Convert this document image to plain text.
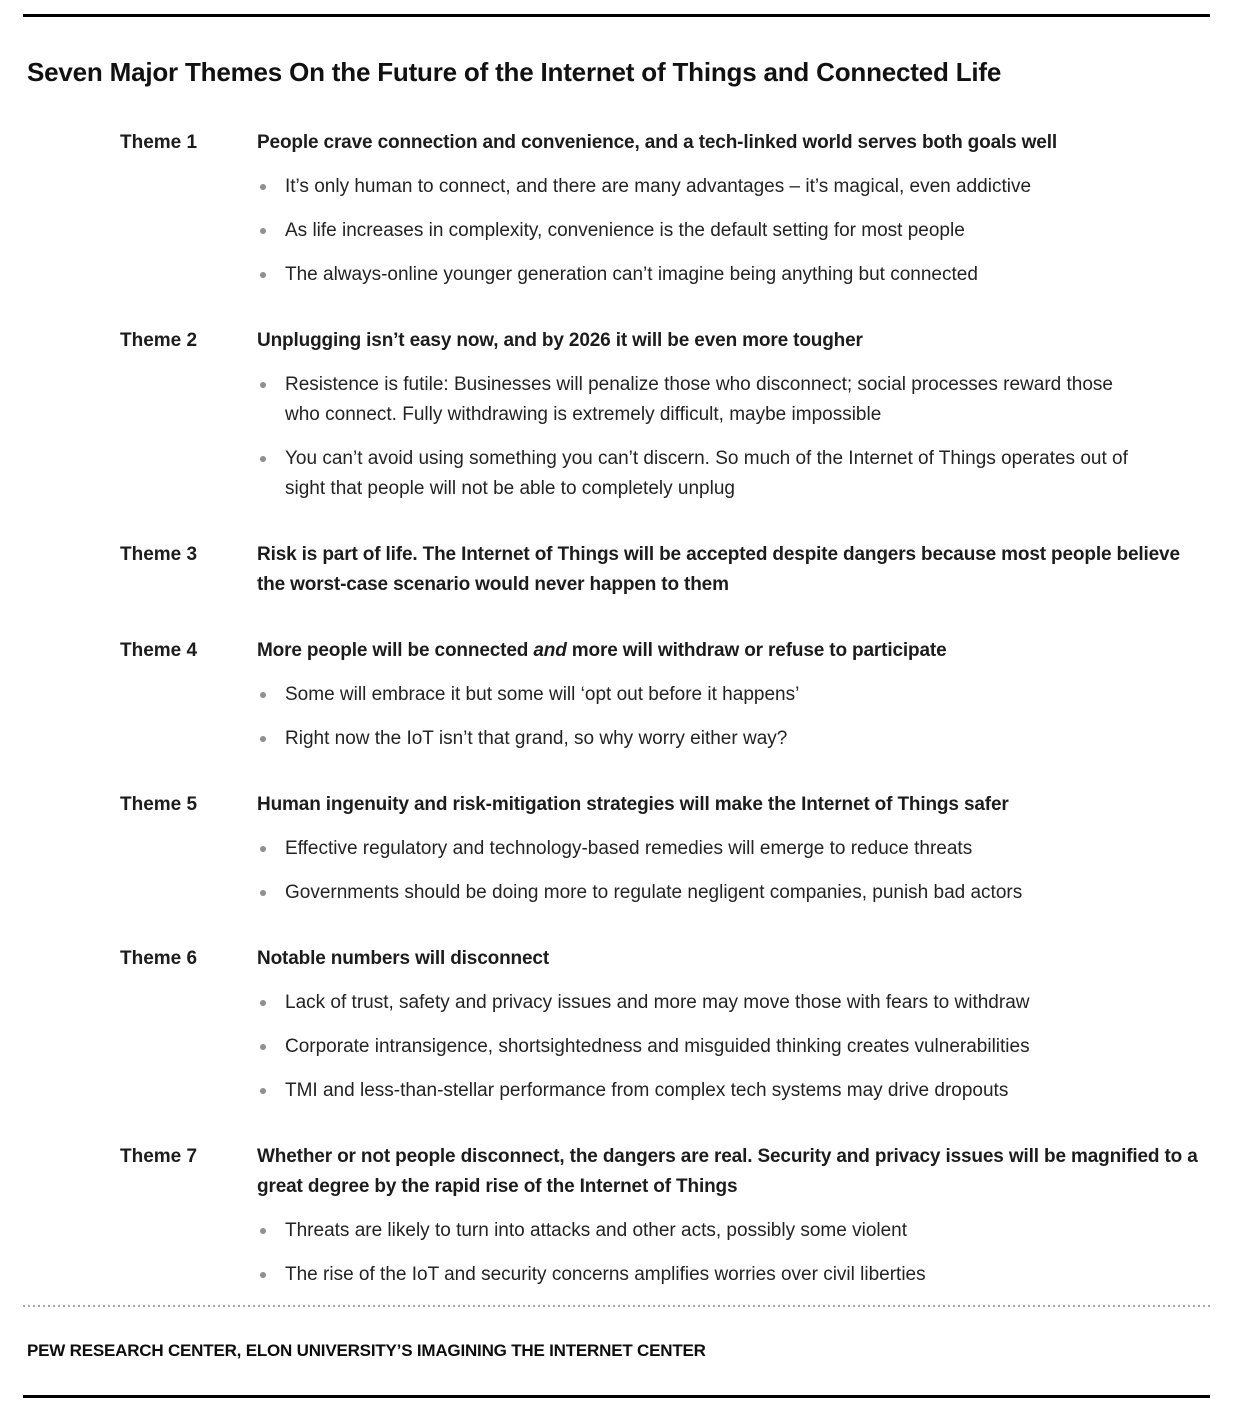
Seven Major Themes On the Future of the Internet of Things and Connected Life
Theme 1	People crave connection and convenience, and a tech-linked world serves both goals well
It’s only human to connect, and there are many advantages – it’s magical, even addictive
As life increases in complexity, convenience is the default setting for most people
The always-online younger generation can’t imagine being anything but connected
Theme 2	Unplugging isn’t easy now, and by 2026 it will be even more tougher
Resistence is futile: Businesses will penalize those who disconnect; social processes reward those who connect. Fully withdrawing is extremely difficult, maybe impossible
You can’t avoid using something you can’t discern. So much of the Internet of Things operates out of sight that people will not be able to completely unplug
Theme 3	Risk is part of life. The Internet of Things will be accepted despite dangers because most people believe the worst-case scenario would never happen to them
Theme 4	More people will be connected and more will withdraw or refuse to participate
Some will embrace it but some will ‘opt out before it happens’
Right now the IoT isn’t that grand, so why worry either way?
Theme 5	Human ingenuity and risk-mitigation strategies will make the Internet of Things safer
Effective regulatory and technology-based remedies will emerge to reduce threats
Governments should be doing more to regulate negligent companies, punish bad actors
Theme 6	Notable numbers will disconnect
Lack of trust, safety and privacy issues and more may move those with fears to withdraw
Corporate intransigence, shortsightedness and misguided thinking creates vulnerabilities
TMI and less-than-stellar performance from complex tech systems may drive dropouts
Theme 7	Whether or not people disconnect, the dangers are real. Security and privacy issues will be magnified to a great degree by the rapid rise of the Internet of Things
Threats are likely to turn into attacks and other acts, possibly some violent
The rise of the IoT and security concerns amplifies worries over civil liberties
PEW RESEARCH CENTER, ELON UNIVERSITY’S IMAGINING THE INTERNET CENTER
